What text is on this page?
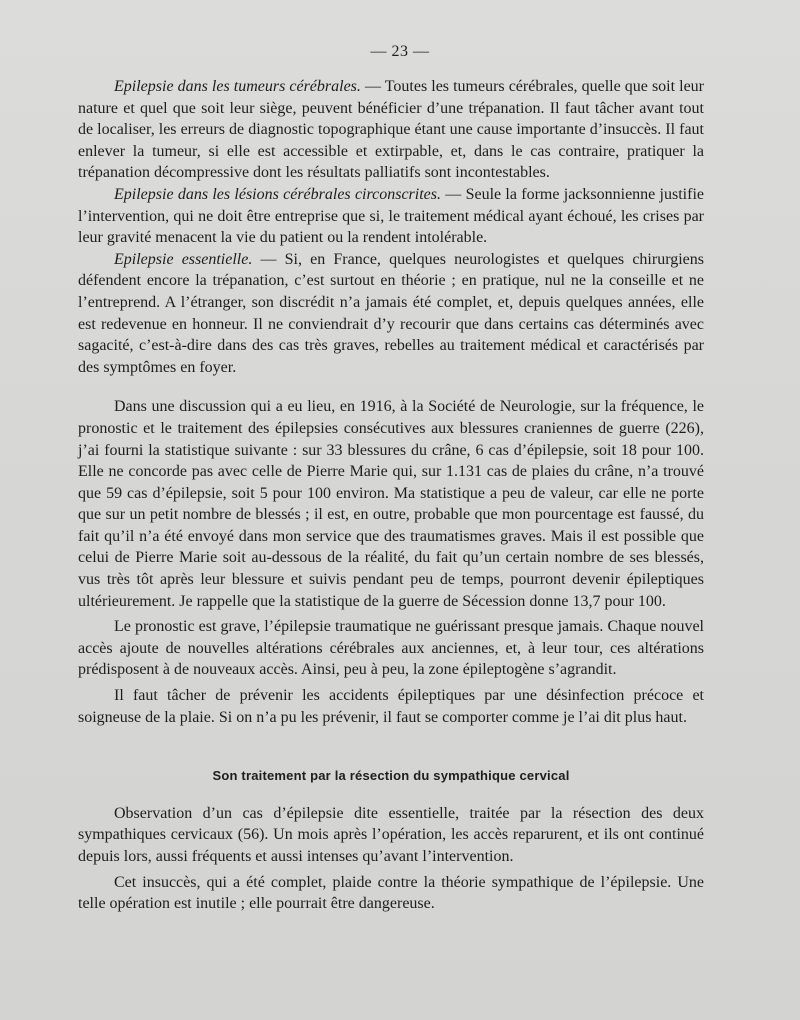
— 23 —

Epilepsie dans les tumeurs cérébrales. — Toutes les tumeurs cérébrales, quelle que soit leur nature et quel que soit leur siège, peuvent bénéficier d’une trépanation. Il faut tâcher avant tout de localiser, les erreurs de diagnostic topographique étant une cause importante d’insuccès. Il faut enlever la tumeur, si elle est accessible et extirpable, et, dans le cas contraire, pratiquer la trépanation décompressive dont les résultats palliatifs sont incontestables.

Epilepsie dans les lésions cérébrales circonscrites. — Seule la forme jacksonnienne justifie l’intervention, qui ne doit être entreprise que si, le traitement médical ayant échoué, les crises par leur gravité menacent la vie du patient ou la rendent intolérable.

Epilepsie essentielle. — Si, en France, quelques neurologistes et quelques chirurgiens défendent encore la trépanation, c’est surtout en théorie ; en pratique, nul ne la conseille et ne l’entreprend. A l’étranger, son discrédit n’a jamais été complet, et, depuis quelques années, elle est redevenue en honneur. Il ne conviendrait d’y recourir que dans certains cas déterminés avec sagacité, c’est-à-dire dans des cas très graves, rebelles au traitement médical et caractérisés par des symptômes en foyer.

Dans une discussion qui a eu lieu, en 1916, à la Société de Neurologie, sur la fréquence, le pronostic et le traitement des épilepsies consécutives aux blessures craniennes de guerre (226), j’ai fourni la statistique suivante : sur 33 blessures du crâne, 6 cas d’épilepsie, soit 18 pour 100. Elle ne concorde pas avec celle de Pierre Marie qui, sur 1.131 cas de plaies du crâne, n’a trouvé que 59 cas d’épilepsie, soit 5 pour 100 environ. Ma statistique a peu de valeur, car elle ne porte que sur un petit nombre de blessés ; il est, en outre, probable que mon pourcentage est faussé, du fait qu’il n’a été envoyé dans mon service que des traumatismes graves. Mais il est possible que celui de Pierre Marie soit au-dessous de la réalité, du fait qu’un certain nombre de ses blessés, vus très tôt après leur blessure et suivis pendant peu de temps, pourront devenir épileptiques ultérieurement. Je rappelle que la statistique de la guerre de Sécession donne 13,7 pour 100.

Le pronostic est grave, l’épilepsie traumatique ne guérissant presque jamais. Chaque nouvel accès ajoute de nouvelles altérations cérébrales aux anciennes, et, à leur tour, ces altérations prédisposent à de nouveaux accès. Ainsi, peu à peu, la zone épileptogène s’agrandit.

Il faut tâcher de prévenir les accidents épileptiques par une désinfection précoce et soigneuse de la plaie. Si on n’a pu les prévenir, il faut se comporter comme je l’ai dit plus haut.

Son traitement par la résection du sympathique cervical

Observation d’un cas d’épilepsie dite essentielle, traitée par la résection des deux sympathiques cervicaux (56). Un mois après l’opération, les accès reparurent, et ils ont continué depuis lors, aussi fréquents et aussi intenses qu’avant l’intervention.

Cet insuccès, qui a été complet, plaide contre la théorie sympathique de l’épilepsie. Une telle opération est inutile ; elle pourrait être dangereuse.
